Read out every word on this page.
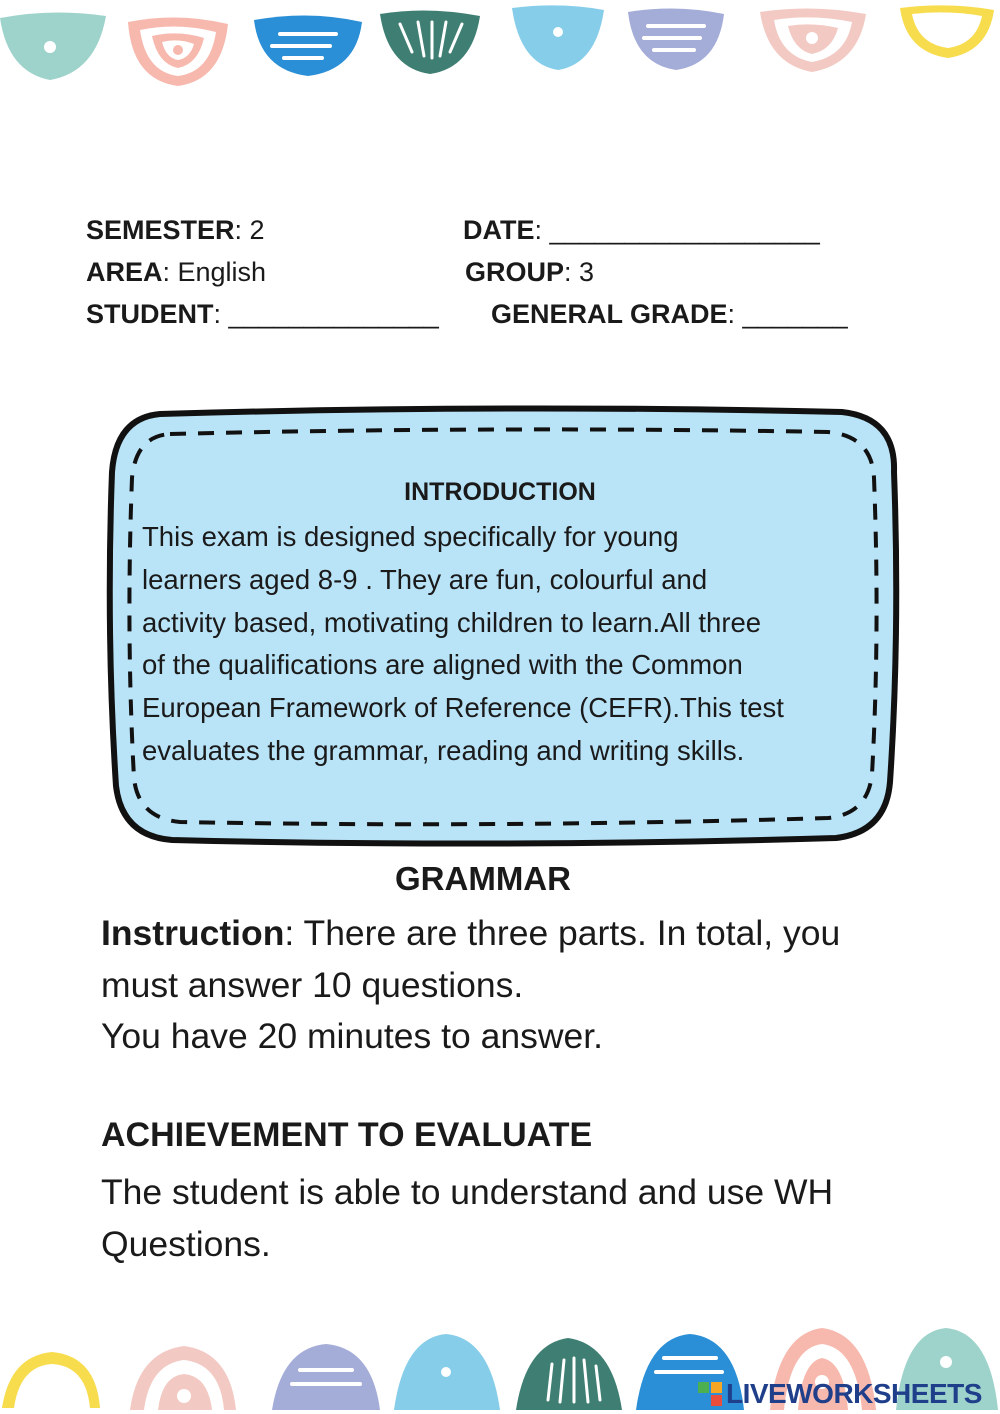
SEMESTER: 2	DATE: __________________
AREA: English	GROUP: 3
STUDENT: ______________ GENERAL GRADE: _______
INTRODUCTION
This exam is designed specifically for young
learners aged 8-9 . They are fun, colourful and
activity based, motivating children to learn.All three
of the qualifications are aligned with the Common
European Framework of Reference (CEFR).This test
evaluates the grammar, reading and writing skills.
GRAMMAR
Instruction: There are three parts. In total, you must answer 10 questions.
You have 20 minutes to answer.
ACHIEVEMENT TO EVALUATE
The student is able to understand and use WH
Questions.
LIVEWORKSHEETS
